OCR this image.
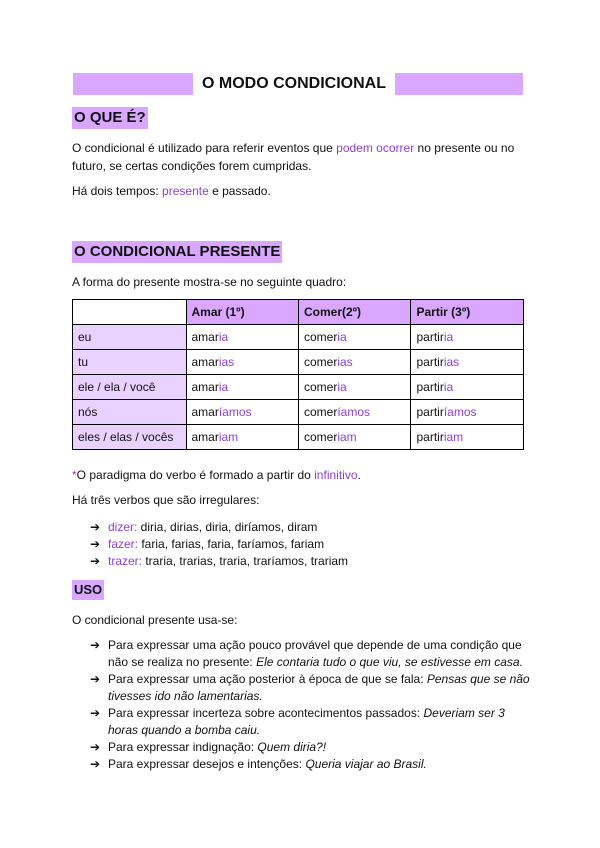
O MODO CONDICIONAL
O QUE É?

O condicional é utilizado para referir eventos que podem ocorrer no presente ou no futuro, se certas condições forem cumpridas.

Há dois tempos: presente e passado.

O CONDICIONAL PRESENTE

A forma do presente mostra-se no seguinte quadro:

	Amar (1º)	Comer(2º)	Partir (3º)
eu	amaria	comeria	partiria
tu	amarias	comerias	partirias
ele / ela / você	amaria	comeria	partiria
nós	amaríamos	comeríamos	partiríamos
eles / elas / vocês	amariam	comeriam	partiriam

*O paradigma do verbo é formado a partir do infinitivo.

Há três verbos que são irregulares:

➔ dizer: diria, dirias, diria, diríamos, diram
➔ fazer: faria, farias, faria, faríamos, fariam
➔ trazer: traria, trarias, traria, traríamos, trariam
USO

O condicional presente usa-se:

➔ Para expressar uma ação pouco provável que depende de uma condição que não se realiza no presente: Ele contaria tudo o que viu, se estivesse em casa.
➔ Para expressar uma ação posterior à época de que se fala: Pensas que se não tivesses ido não lamentarias.
➔ Para expressar incerteza sobre acontecimentos passados: Deveriam ser 3 horas quando a bomba caiu.
➔ Para expressar indignação: Quem diria?!
➔ Para expressar desejos e intenções: Queria viajar ao Brasil.
